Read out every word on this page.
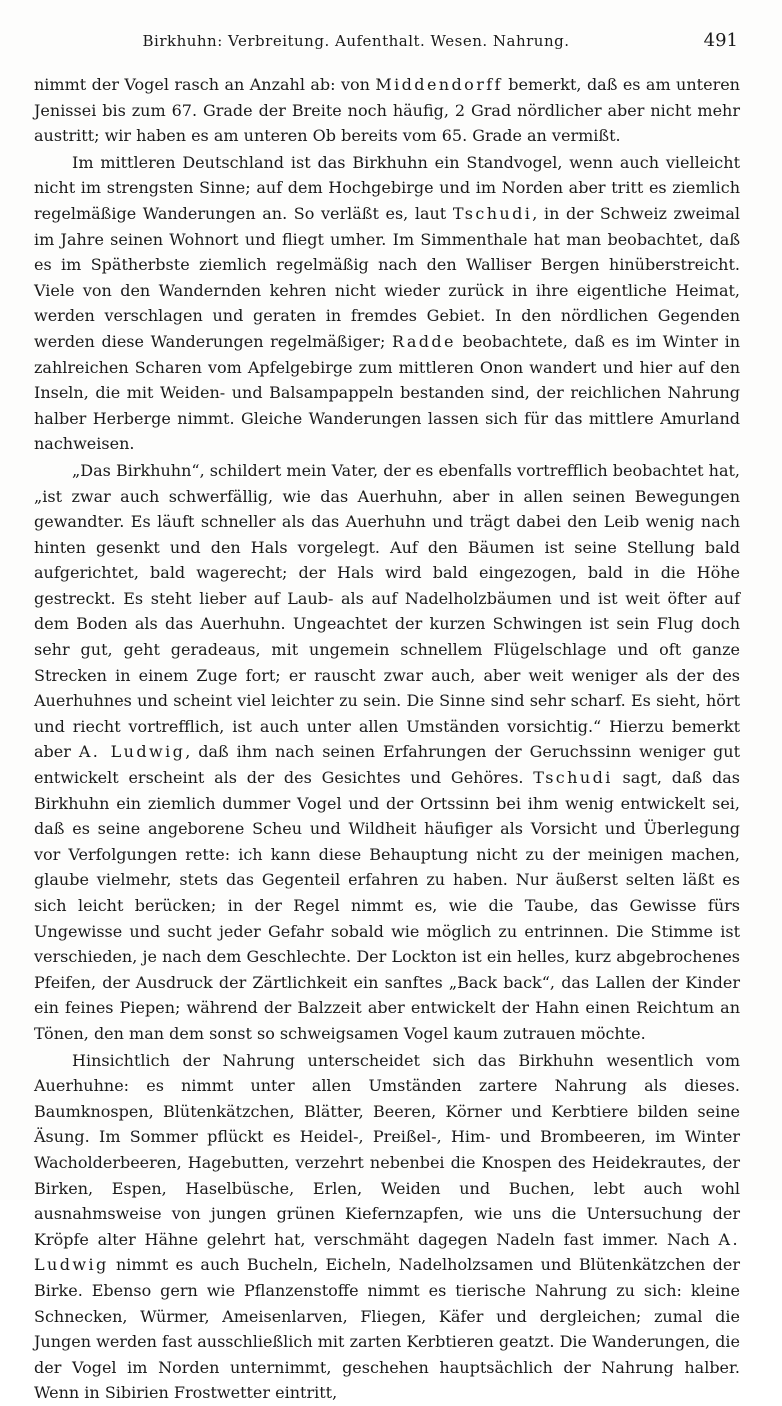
Birkhuhn: Verbreitung. Aufenthalt. Wesen. Nahrung.	491

nimmt der Vogel rasch an Anzahl ab: von Middendorff bemerkt, daß es am unteren Jenissei bis zum 67. Grade der Breite noch häufig, 2 Grad nördlicher aber nicht mehr austritt; wir haben es am unteren Ob bereits vom 65. Grade an vermißt.

Im mittleren Deutschland ist das Birkhuhn ein Standvogel, wenn auch vielleicht nicht im strengsten Sinne; auf dem Hochgebirge und im Norden aber tritt es ziemlich regelmäßige Wanderungen an. So verläßt es, laut Tschudi, in der Schweiz zweimal im Jahre seinen Wohnort und fliegt umher. Im Simmenthale hat man beobachtet, daß es im Spätherbste ziemlich regelmäßig nach den Walliser Bergen hinüberstreicht. Viele von den Wandernden kehren nicht wieder zurück in ihre eigentliche Heimat, werden verschlagen und geraten in fremdes Gebiet. In den nördlichen Gegenden werden diese Wanderungen regelmäßiger; Radde beobachtete, daß es im Winter in zahlreichen Scharen vom Apfelgebirge zum mittleren Onon wandert und hier auf den Inseln, die mit Weiden- und Balsampappeln bestanden sind, der reichlichen Nahrung halber Herberge nimmt. Gleiche Wanderungen lassen sich für das mittlere Amurland nachweisen.

„Das Birkhuhn“, schildert mein Vater, der es ebenfalls vortrefflich beobachtet hat, „ist zwar auch schwerfällig, wie das Auerhuhn, aber in allen seinen Bewegungen gewandter. Es läuft schneller als das Auerhuhn und trägt dabei den Leib wenig nach hinten gesenkt und den Hals vorgelegt. Auf den Bäumen ist seine Stellung bald aufgerichtet, bald wagerecht; der Hals wird bald eingezogen, bald in die Höhe gestreckt. Es steht lieber auf Laub- als auf Nadelholzbäumen und ist weit öfter auf dem Boden als das Auerhuhn. Ungeachtet der kurzen Schwingen ist sein Flug doch sehr gut, geht geradeaus, mit ungemein schnellem Flügelschlage und oft ganze Strecken in einem Zuge fort; er rauscht zwar auch, aber weit weniger als der des Auerhuhnes und scheint viel leichter zu sein. Die Sinne sind sehr scharf. Es sieht, hört und riecht vortrefflich, ist auch unter allen Umständen vorsichtig.“ Hierzu bemerkt aber A. Ludwig, daß ihm nach seinen Erfahrungen der Geruchssinn weniger gut entwickelt erscheint als der des Gesichtes und Gehöres. Tschudi sagt, daß das Birkhuhn ein ziemlich dummer Vogel und der Ortssinn bei ihm wenig entwickelt sei, daß es seine angeborene Scheu und Wildheit häufiger als Vorsicht und Überlegung vor Verfolgungen rette: ich kann diese Behauptung nicht zu der meinigen machen, glaube vielmehr, stets das Gegenteil erfahren zu haben. Nur äußerst selten läßt es sich leicht berücken; in der Regel nimmt es, wie die Taube, das Gewisse fürs Ungewisse und sucht jeder Gefahr sobald wie möglich zu entrinnen. Die Stimme ist verschieden, je nach dem Geschlechte. Der Lockton ist ein helles, kurz abgebrochenes Pfeifen, der Ausdruck der Zärtlichkeit ein sanftes „Back back“, das Lallen der Kinder ein feines Piepen; während der Balzzeit aber entwickelt der Hahn einen Reichtum an Tönen, den man dem sonst so schweigsamen Vogel kaum zutrauen möchte.

Hinsichtlich der Nahrung unterscheidet sich das Birkhuhn wesentlich vom Auerhuhne: es nimmt unter allen Umständen zartere Nahrung als dieses. Baumknospen, Blütenkätzchen, Blätter, Beeren, Körner und Kerbtiere bilden seine Äsung. Im Sommer pflückt es Heidel-, Preißel-, Him- und Brombeeren, im Winter Wacholderbeeren, Hagebutten, verzehrt nebenbei die Knospen des Heidekrautes, der Birken, Espen, Haselbüsche, Erlen, Weiden und Buchen, lebt auch wohl ausnahmsweise von jungen grünen Kiefernzapfen, wie uns die Untersuchung der Kröpfe alter Hähne gelehrt hat, verschmäht dagegen Nadeln fast immer. Nach A. Ludwig nimmt es auch Bucheln, Eicheln, Nadelholzsamen und Blütenkätzchen der Birke. Ebenso gern wie Pflanzenstoffe nimmt es tierische Nahrung zu sich: kleine Schnecken, Würmer, Ameisenlarven, Fliegen, Käfer und dergleichen; zumal die Jungen werden fast ausschließlich mit zarten Kerbtieren geatzt. Die Wanderungen, die der Vogel im Norden unternimmt, geschehen hauptsächlich der Nahrung halber. Wenn in Sibirien Frostwetter eintritt,
